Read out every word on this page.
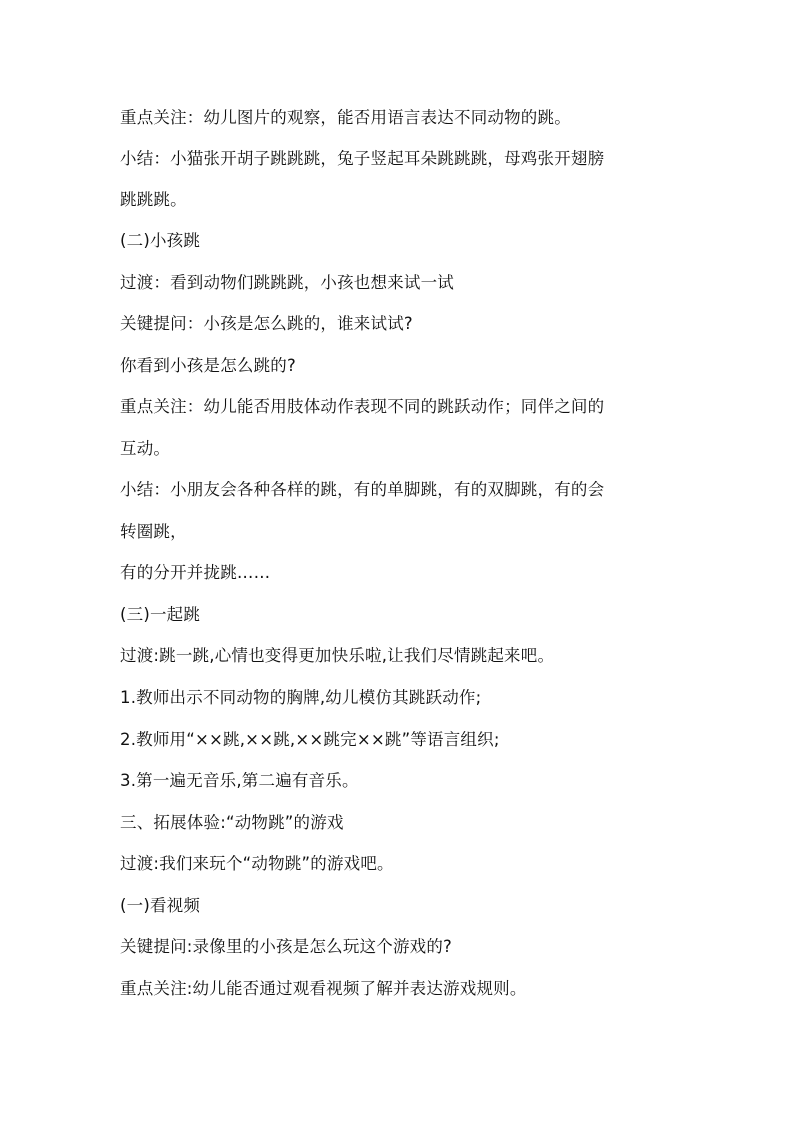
重点关注：幼儿图片的观察，能否用语言表达不同动物的跳。
小结：小猫张开胡子跳跳跳，兔子竖起耳朵跳跳跳，母鸡张开翅膀
跳跳跳。
(二)小孩跳
过渡：看到动物们跳跳跳，小孩也想来试一试
关键提问：小孩是怎么跳的，谁来试试?
你看到小孩是怎么跳的?
重点关注：幼儿能否用肢体动作表现不同的跳跃动作；同伴之间的
互动。
小结：小朋友会各种各样的跳，有的单脚跳，有的双脚跳，有的会
转圈跳，
有的分开并拢跳……
(三)一起跳
过渡:跳一跳,心情也变得更加快乐啦,让我们尽情跳起来吧。
1.教师出示不同动物的胸牌,幼儿模仿其跳跃动作;
2.教师用“××跳,××跳,××跳完××跳”等语言组织;
3.第一遍无音乐,第二遍有音乐。
三、拓展体验:“动物跳”的游戏
过渡:我们来玩个“动物跳”的游戏吧。
(一)看视频
关键提问:录像里的小孩是怎么玩这个游戏的?
重点关注:幼儿能否通过观看视频了解并表达游戏规则。
